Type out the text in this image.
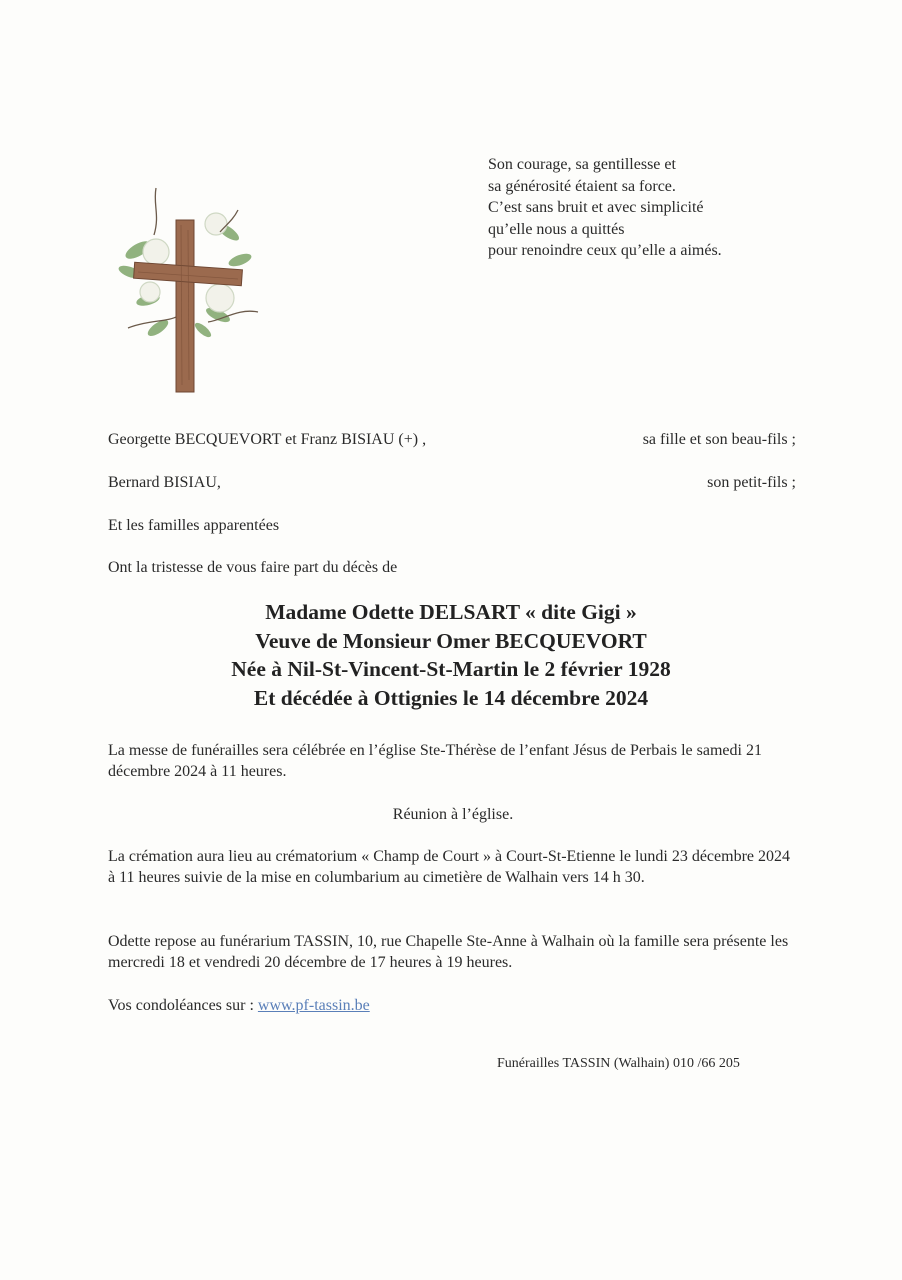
Son courage, sa gentillesse et
sa générosité étaient sa force.
C’est sans bruit et avec simplicité
qu’elle nous a quittés
pour renoindre ceux qu’elle a aimés.
Georgette BECQUEVORT et Franz BISIAU (+) ,	sa fille et son beau-fils ;
Bernard BISIAU,	son petit-fils ;
Et les familles apparentées
Ont la tristesse de vous faire part du décès de
Madame Odette DELSART « dite Gigi »
Veuve de Monsieur Omer BECQUEVORT
Née à Nil-St-Vincent-St-Martin le 2 février 1928
Et décédée à Ottignies le 14 décembre 2024
La messe de funérailles sera célébrée en l’église Ste-Thérèse de l’enfant Jésus de Perbais le samedi 21 décembre 2024 à 11 heures.
Réunion à l’église.
La crémation aura lieu au crématorium « Champ de Court » à Court-St-Etienne le lundi 23 décembre 2024 à 11 heures suivie de la mise en columbarium au cimetière de Walhain vers 14 h 30.
Odette repose au funérarium TASSIN, 10, rue Chapelle Ste-Anne à Walhain où la famille sera présente les mercredi 18 et vendredi 20 décembre de 17 heures à 19 heures.
Vos condoléances sur : www.pf-tassin.be
Funérailles TASSIN (Walhain) 010 /66 205
